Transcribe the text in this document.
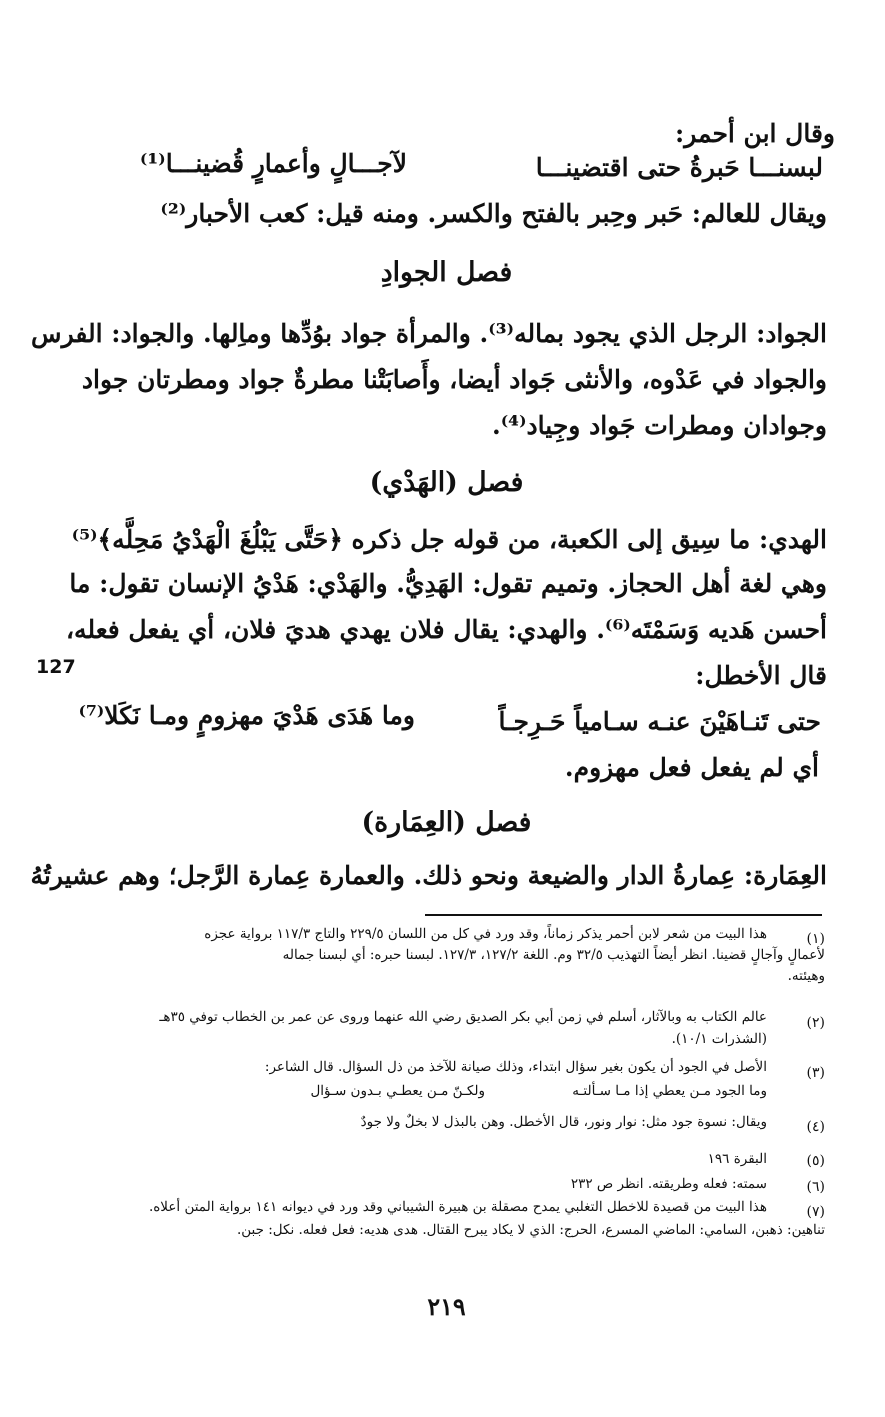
وقال ابن أحمر:
لبسنـــا حَبرةُ حتى اقتضينـــا
لآجـــالٍ وأعمارٍ قُضينـــا⁽¹⁾
ويقال للعالم: حَبر وحِبر بالفتح والكسر. ومنه قيل: كعب الأحبار⁽²⁾
فصل الجوادِ
الجواد: الرجل الذي يجود بماله⁽³⁾. والمرأة جواد بوُدِّها وماِلها. والجواد: الفرس
والجواد في عَدْوه، والأنثى جَواد أيضا، وأَصابَتْنا مطرةٌ جواد ومطرتان جواد
وجوادان ومطرات جَواد وجِياد⁽⁴⁾.
فصل (الهَدْي)
الهدي: ما سِيق إلى الكعبة، من قوله جل ذكره ﴿حَتَّى يَبْلُغَ الْهَدْيُ مَحِلَّه﴾⁽⁵⁾
وهي لغة أهل الحجاز. وتميم تقول: الهَدِيُّ. والهَدْي: هَدْيُ الإنسان تقول: ما
أحسن هَديه وَسَمْتَه⁽⁶⁾. والهدي: يقال فلان يهدي هديَ فلان، أي يفعل فعله،
127	قال الأخطل:
حتى تَنـاهَيْنَ عنـه سـامياً حَـرِجـاً
وما هَدَى هَدْيَ مهزومٍ ومـا نَكَلا⁽⁷⁾
أي لم يفعل فعل مهزوم.
فصل (العِمَارة)
العِمَارة: عِمارةُ الدار والضيعة ونحو ذلك. والعمارة عِمارة الرَّجل؛ وهم عشيرتُهُ
(١)
هذا البيت من شعر لابن أحمر يذكر زماناً، وقد ورد في كل من اللسان ٢٢٩/٥ والتاج ١١٧/٣ برواية عجزه
لأعمالٍ وآجالٍ قضينا. انظر أيضاً التهذيب ٣٢/٥ وم. اللغة ١٢٧/٢، ١٢٧/٣. لبسنا حبره: أي لبسنا جماله
وهيئته.
(٢)
عالم الكتاب به وبالآثار، أسلم في زمن أبي بكر الصديق رضي الله عنهما وروى عن عمر بن الخطاب توفي ٣٥هـ
(الشذرات ١٠/١).
(٣)
الأصل في الجود أن يكون بغير سؤال ابتداء، وذلك صيانة للآخذ من ذل السؤال. قال الشاعر:
وما الجود مـن يعطي إذا مـا سـألتـه
ولكـنّ مـن يعطـي بـدون سـؤال
(٤)
ويقال: نسوة جود مثل: نوار ونور، قال الأخطل. وهن بالبذل لا بخلٌ ولا جودٌ
(٥)
البقرة ١٩٦
(٦)
سمته: فعله وطريقته. انظر ص ٢٣٢
(٧)
هذا البيت من قصيدة للاخطل التغلبي يمدح مصقلة بن هبيرة الشيباني وقد ورد في ديوانه ١٤١ برواية المتن أعلاه.
تناهين: ذهبن، السامي: الماضي المسرع، الحرج: الذي لا يكاد يبرح القتال. هدى هديه: فعل فعله. نكل: جبن.
٢١٩
